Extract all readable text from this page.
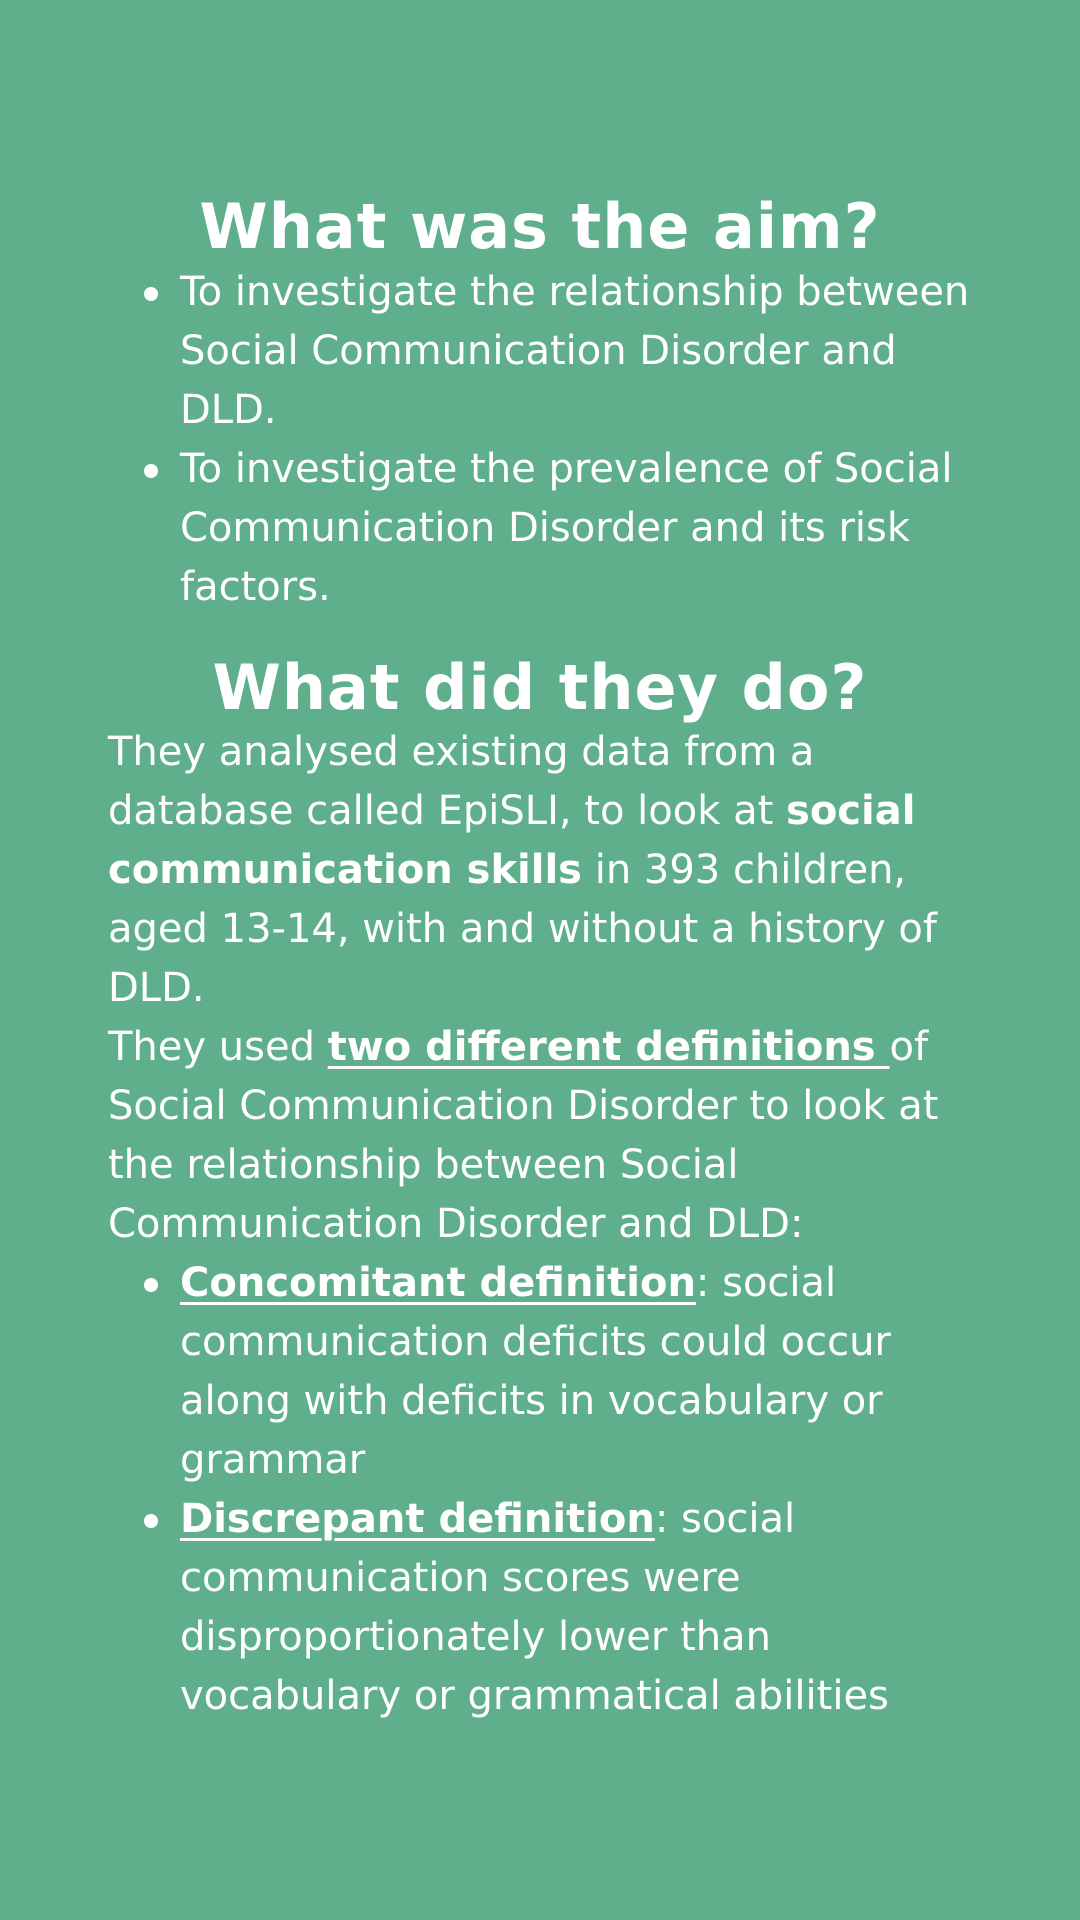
What was the aim?
To investigate the relationship between Social Communication Disorder and DLD.
To investigate the prevalence of Social Communication Disorder and its risk factors.
What did they do?

They analysed existing data from a database called EpiSLI, to look at social communication skills in 393 children, aged 13-14, with and without a history of DLD.

They used two different definitions of Social Communication Disorder to look at the relationship between Social Communication Disorder and DLD:

Concomitant definition: social communication deficits could occur along with deficits in vocabulary or grammar
Discrepant definition: social communication scores were disproportionately lower than vocabulary or grammatical abilities
